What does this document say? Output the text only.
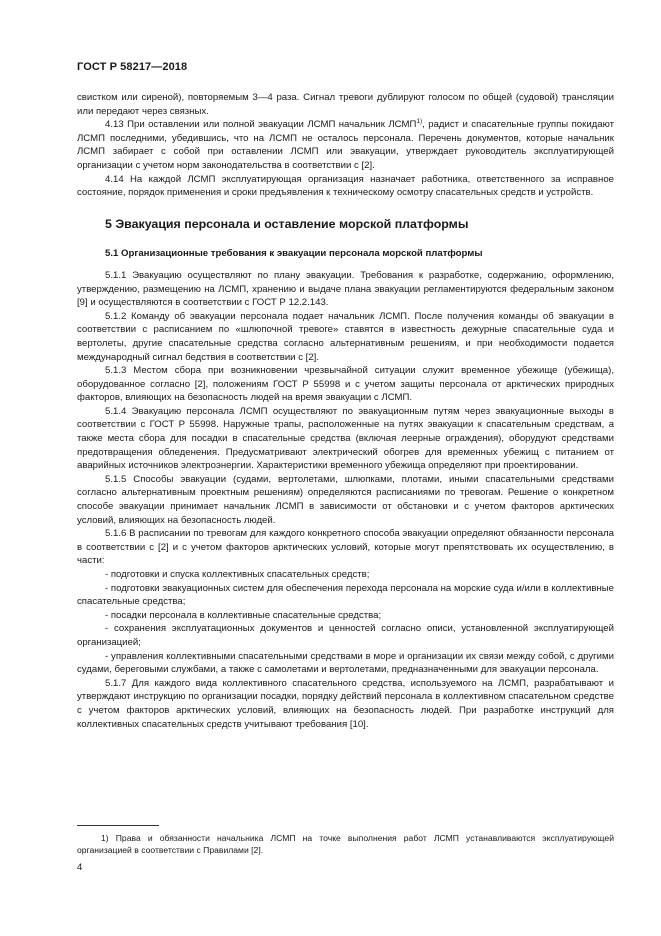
ГОСТ Р 58217—2018

свистком или сиреной), повторяемым 3—4 раза. Сигнал тревоги дублируют голосом по общей (судовой) трансляции или передают через связных.

4.13 При оставлении или полной эвакуации ЛСМП начальник ЛСМП$^{1)}$, радист и спасательные группы покидают ЛСМП последними, убедившись, что на ЛСМП не осталось персонала. Перечень документов, которые начальник ЛСМП забирает с собой при оставлении ЛСМП или эвакуации, утверждает руководитель эксплуатирующей организации с учетом норм законодательства в соответствии с [2].

4.14 На каждой ЛСМП эксплуатирующая организация назначает работника, ответственного за исправное состояние, порядок применения и сроки предъявления к техническому осмотру спасательных средств и устройств.

5 Эвакуация персонала и оставление морской платформы

5.1 Организационные требования к эвакуации персонала морской платформы

5.1.1 Эвакуацию осуществляют по плану эвакуации. Требования к разработке, содержанию, оформлению, утверждению, размещению на ЛСМП, хранению и выдаче плана эвакуации регламентируются федеральным законом [9] и осуществляются в соответствии с ГОСТ Р 12.2.143.

5.1.2 Команду об эвакуации персонала подает начальник ЛСМП. После получения команды об эвакуации в соответствии с расписанием по «шлюпочной тревоге» ставятся в известность дежурные спасательные суда и вертолеты, другие спасательные средства согласно альтернативным решениям, и при необходимости подается международный сигнал бедствия в соответствии с [2].

5.1.3 Местом сбора при возникновении чрезвычайной ситуации служит временное убежище (убежища), оборудованное согласно [2], положениям ГОСТ Р 55998 и с учетом защиты персонала от арктических природных факторов, влияющих на безопасность людей на время эвакуации с ЛСМП.

5.1.4 Эвакуацию персонала ЛСМП осуществляют по эвакуационным путям через эвакуационные выходы в соответствии с ГОСТ Р 55998. Наружные трапы, расположенные на путях эвакуации к спасательным средствам, а также места сбора для посадки в спасательные средства (включая леерные ограждения), оборудуют средствами предотвращения обледенения. Предусматривают электрический обогрев для временных убежищ с питанием от аварийных источников электроэнергии. Характеристики временного убежища определяют при проектировании.

5.1.5 Способы эвакуации (судами, вертолетами, шлюпками, плотами, иными спасательными средствами согласно альтернативным проектным решениям) определяются расписаниями по тревогам. Решение о конкретном способе эвакуации принимает начальник ЛСМП в зависимости от обстановки и с учетом факторов арктических условий, влияющих на безопасность людей.

5.1.6 В расписании по тревогам для каждого конкретного способа эвакуации определяют обязанности персонала в соответствии с [2] и с учетом факторов арктических условий, которые могут препятствовать их осуществлению, в части:

- подготовки и спуска коллективных спасательных средств;

- подготовки эвакуационных систем для обеспечения перехода персонала на морские суда и/или в коллективные спасательные средства;

- посадки персонала в коллективные спасательные средства;

- сохранения эксплуатационных документов и ценностей согласно описи, установленной эксплуатирующей организацией;

- управления коллективными спасательными средствами в море и организации их связи между собой, с другими судами, береговыми службами, а также с самолетами и вертолетами, предназначенными для эвакуации персонала.

5.1.7 Для каждого вида коллективного спасательного средства, используемого на ЛСМП, разрабатывают и утверждают инструкцию по организации посадки, порядку действий персонала в коллективном спасательном средстве с учетом факторов арктических условий, влияющих на безопасность людей. При разработке инструкций для коллективных спасательных средств учитывают требования [10].

1) Права и обязанности начальника ЛСМП на точке выполнения работ ЛСМП устанавливаются эксплуатирующей организацией в соответствии с Правилами [2].

4
